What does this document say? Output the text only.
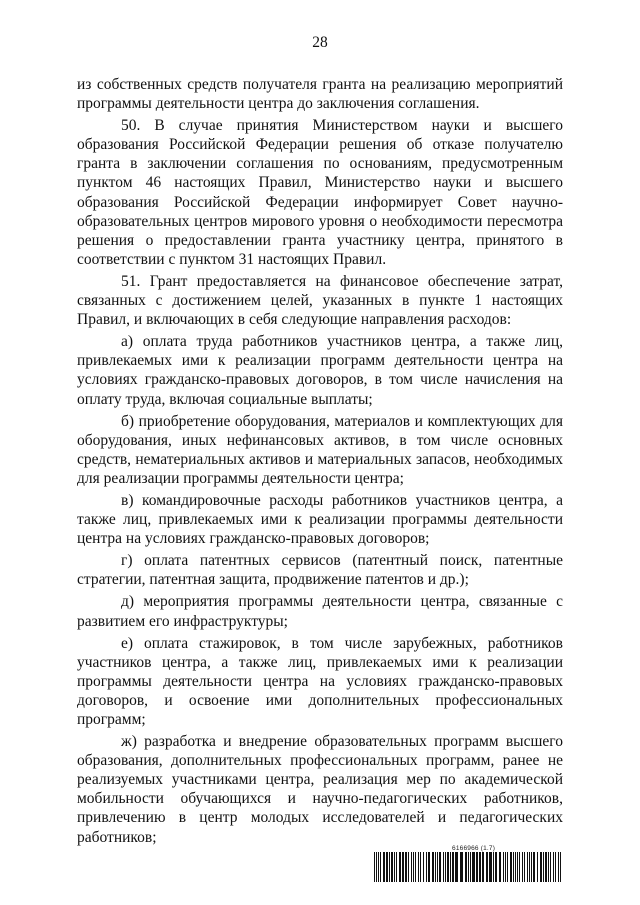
28

из собственных средств получателя гранта на реализацию мероприятий программы деятельности центра до заключения соглашения.

50. В случае принятия Министерством науки и высшего образования Российской Федерации решения об отказе получателю гранта в заключении соглашения по основаниям, предусмотренным пунктом 46 настоящих Правил, Министерство науки и высшего образования Российской Федерации информирует Совет научно-образовательных центров мирового уровня о необходимости пересмотра решения о предоставлении гранта участнику центра, принятого в соответствии с пунктом 31 настоящих Правил.

51. Грант предоставляется на финансовое обеспечение затрат, связанных с достижением целей, указанных в пункте 1 настоящих Правил, и включающих в себя следующие направления расходов:

а) оплата труда работников участников центра, а также лиц, привлекаемых ими к реализации программ деятельности центра на условиях гражданско-правовых договоров, в том числе начисления на оплату труда, включая социальные выплаты;

б) приобретение оборудования, материалов и комплектующих для оборудования, иных нефинансовых активов, в том числе основных средств, нематериальных активов и материальных запасов, необходимых для реализации программы деятельности центра;

в) командировочные расходы работников участников центра, а также лиц, привлекаемых ими к реализации программы деятельности центра на условиях гражданско-правовых договоров;

г) оплата патентных сервисов (патентный поиск, патентные стратегии, патентная защита, продвижение патентов и др.);

д) мероприятия программы деятельности центра, связанные с развитием его инфраструктуры;

е) оплата стажировок, в том числе зарубежных, работников участников центра, а также лиц, привлекаемых ими к реализации программы деятельности центра на условиях гражданско-правовых договоров, и освоение ими дополнительных профессиональных программ;

ж) разработка и внедрение образовательных программ высшего образования, дополнительных профессиональных программ, ранее не реализуемых участниками центра, реализация мер по академической мобильности обучающихся и научно-педагогических работников, привлечению в центр молодых исследователей и педагогических работников;

6166966 (1.7)
